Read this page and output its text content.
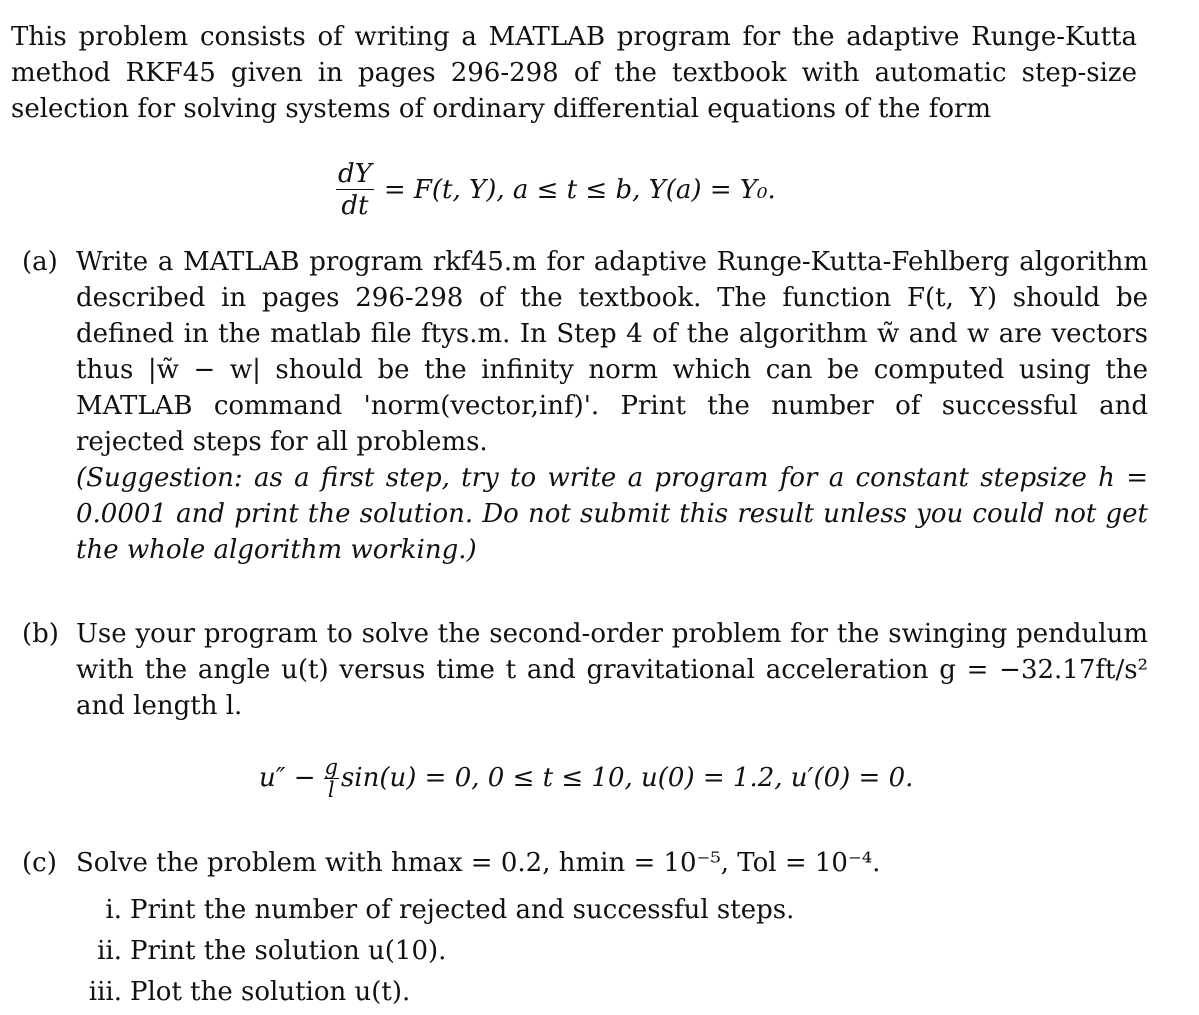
This problem consists of writing a MATLAB program for the adaptive Runge-Kutta method RKF45 given in pages 296-298 of the textbook with automatic step-size selection for solving systems of ordinary differential equations of the form
$\frac{dY}{dt} = F(t$, Y), a ≤ t ≤ b, Y(a) = Y₀.
(a) Write a MATLAB program rkf45.m for adaptive Runge-Kutta-Fehlberg algorithm described in pages 296-298 of the textbook. The function F(t, Y) should be defined in the matlab file ftys.m. In Step 4 of the algorithm w̃ and w are vectors thus |w̃ − w| should be the infinity norm which can be computed using the MATLAB command 'norm(vector,inf)'. Print the number of successful and rejected steps for all problems.

(Suggestion: as a first step, try to write a program for a constant stepsize h = 0.0001 and print the solution. Do not submit this result unless you could not get the whole algorithm working.)

(b) Use your program to solve the second-order problem for the swinging pendulum with the angle u(t) versus time t and gravitational acceleration g = −32.17ft/s² and length l.

$u'' - \frac{g}{l} \sin(u) = 0$, 0 ≤ t ≤ 10, u(0) = 1.2, u′(0) = 0.
(c) Solve the problem with hmax = 0.2, hmin = 10⁻⁵, Tol = 10⁻⁴.

i. Print the number of rejected and successful steps.
ii. Print the solution u(10).
iii. Plot the solution u(t).
